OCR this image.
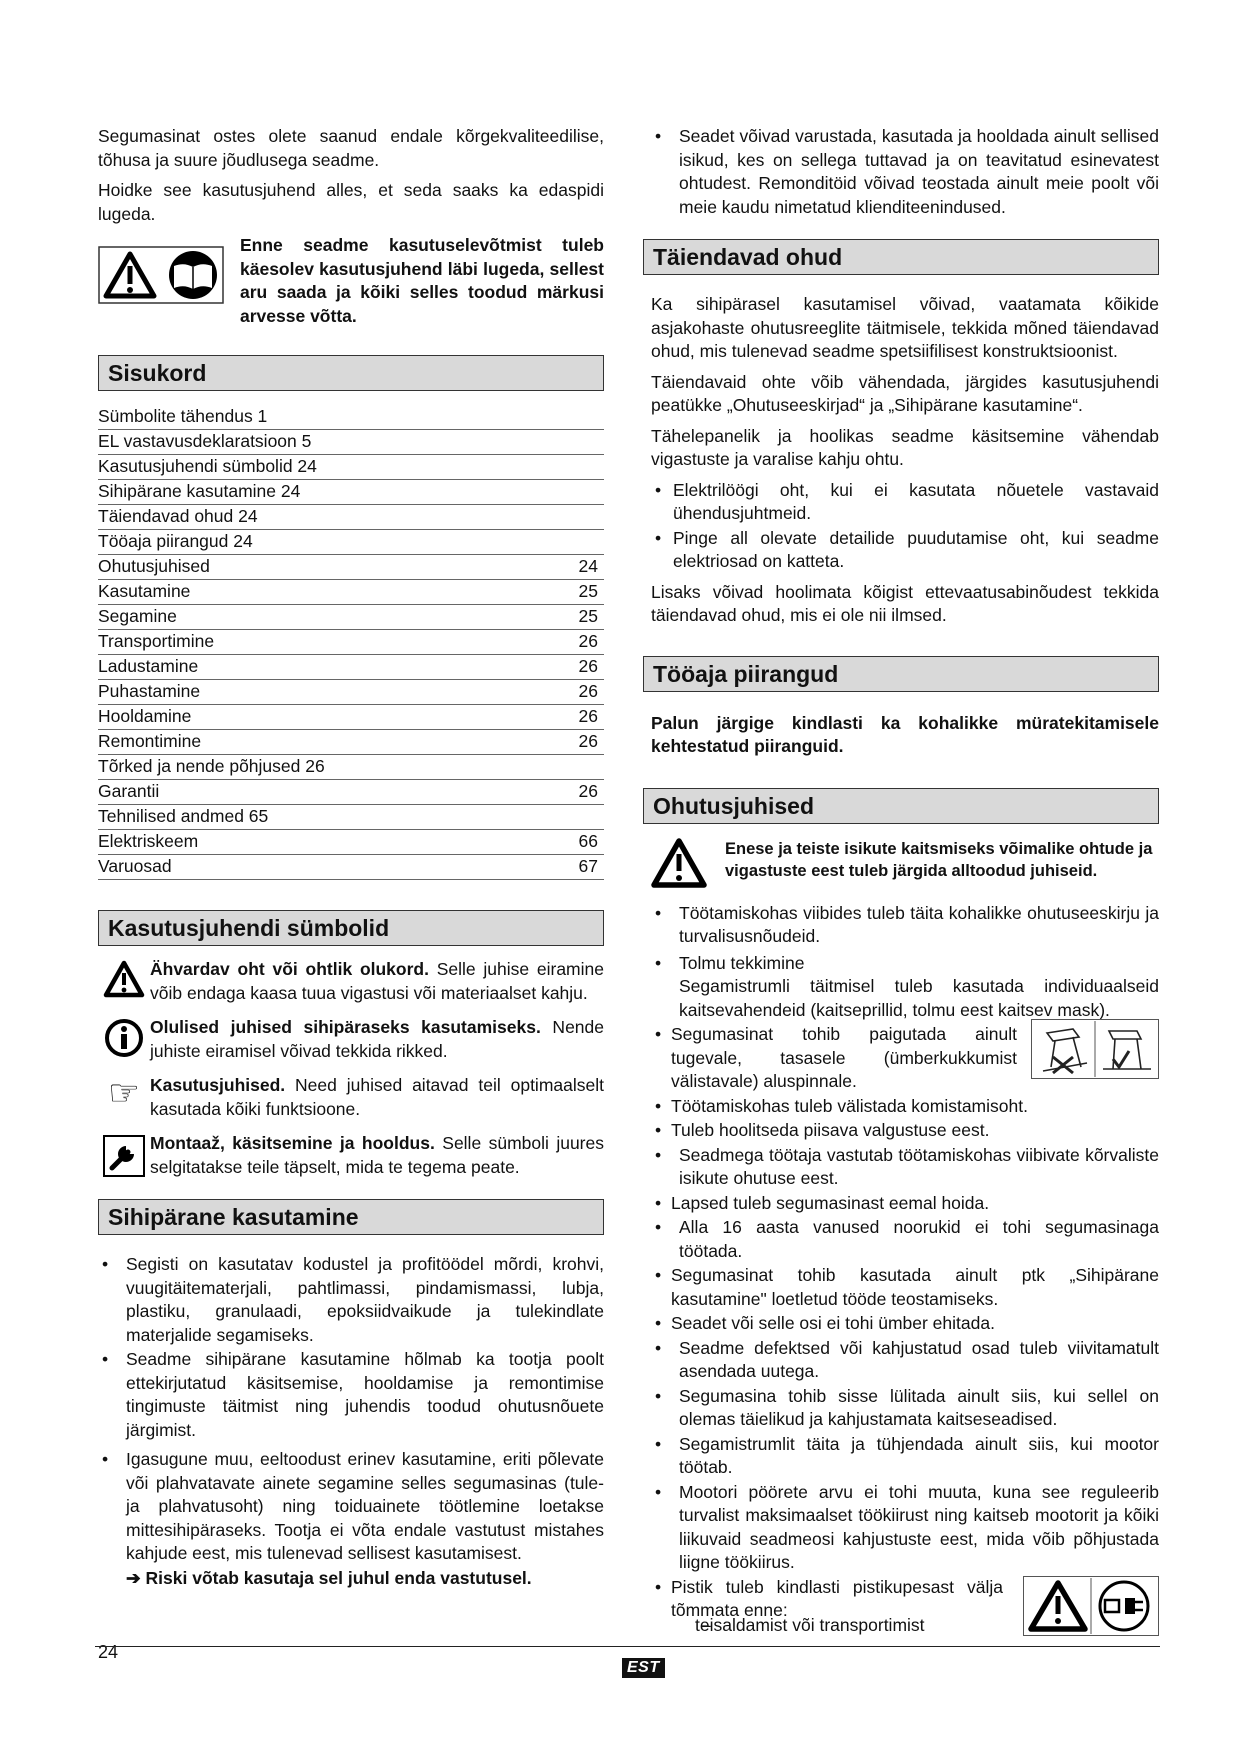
Segumasinat ostes olete saanud endale kõrgekvaliteedilise, tõhusa ja suure jõudlusega seadme.

Hoidke see kasutusjuhend alles, et seda saaks ka edaspidi lugeda.

Enne seadme kasutuselevõtmist tuleb käesolev kasutusjuhend läbi lugeda, sellest aru saada ja kõiki selles toodud märkusi arvesse võtta.

Sisukord
Sümbolite tähendus 1
EL vastavusdeklaratsioon 5
Kasutusjuhendi sümbolid 24
Sihipärane kasutamine 24
Täiendavad ohud 24
Tööaja piirangud 24
Ohutusjuhised	24
Kasutamine	25
Segamine	25
Transportimine	26
Ladustamine	26
Puhastamine	26
Hooldamine	26
Remontimine	26
Tõrked ja nende põhjused 26
Garantii	26
Tehnilised andmed 65
Elektriskeem	66
Varuosad	67
Kasutusjuhendi sümbolid
Ähvardav oht või ohtlik olukord. Selle juhise eiramine võib endaga kaasa tuua vigastusi või materiaalset kahju.
Olulised juhised sihipäraseks kasutamiseks. Nende juhiste eiramisel võivad tekkida rikked.
☞ Kasutusjuhised. Need juhised aitavad teil optimaalselt kasutada kõiki funktsioone.
Montaaž, käsitsemine ja hooldus. Selle sümboli juures selgitatakse teile täpselt, mida te tegema peate.
Sihipärane kasutamine
• Segisti on kasutatav kodustel ja profitöödel mõrdi, krohvi, vuugitäitematerjali, pahtlimassi, pindamismassi, lubja, plastiku, granulaadi, epoksiidvaikude ja tulekindlate materjalide segamiseks.
• Seadme sihipärane kasutamine hõlmab ka tootja poolt ettekirjutatud käsitsemise, hooldamise ja remontimise tingimuste täitmist ning juhendis toodud ohutusnõuete järgimist.
• Igasugune muu, eeltoodust erinev kasutamine, eriti põlevate või plahvatavate ainete segamine selles segumasinas (tule- ja plahvatusoht) ning toiduainete töötlemine loetakse mittesihipäraseks. Tootja ei võta endale vastutust mistahes kahjude eest, mis tulenevad sellisest kasutamisest.
➔ Riski võtab kasutaja sel juhul enda vastutusel.
• Seadet võivad varustada, kasutada ja hooldada ainult sellised isikud, kes on sellega tuttavad ja on teavitatud esinevatest ohtudest. Remonditöid võivad teostada ainult meie poolt või meie kaudu nimetatud klienditeenindused.
Täiendavad ohud

Ka sihipärasel kasutamisel võivad, vaatamata kõikide asjakohaste ohutusreeglite täitmisele, tekkida mõned täiendavad ohud, mis tulenevad seadme spetsiifilisest konstruktsioonist.

Täiendavaid ohte võib vähendada, järgides kasutusjuhendi peatükke „Ohutuseeskirjad“ ja „Sihipärane kasutamine“.

Tähelepanelik ja hoolikas seadme käsitsemine vähendab vigastuste ja varalise kahju ohtu.

• Elektrilöögi oht, kui ei kasutata nõuetele vastavaid ühendusjuhtmeid.
• Pinge all olevate detailide puudutamise oht, kui seadme elektriosad on katteta.

Lisaks võivad hoolimata kõigist ettevaatusabinõudest tekkida täiendavad ohud, mis ei ole nii ilmsed.

Tööaja piirangud

Palun järgige kindlasti ka kohalikke müratekitamisele kehtestatud piiranguid.

Ohutusjuhised

Enese ja teiste isikute kaitsmiseks võimalike ohtude ja vigastuste eest tuleb järgida alltoodud juhiseid.

• Töötamiskohas viibides tuleb täita kohalikke ohutuseeskirju ja turvalisusnõudeid.
• Tolmu tekkimine
Segamistrumli täitmisel tuleb kasutada individuaalseid kaitsevahendeid (kaitseprillid, tolmu eest kaitsev mask).
• Segumasinat tohib paigutada ainult tugevale, tasasele (ümberkukkumist välistavale) aluspinnale.
• Töötamiskohas tuleb välistada komistamisoht.
• Tuleb hoolitseda piisava valgustuse eest.
• Seadmega töötaja vastutab töötamiskohas viibivate kõrvaliste isikute ohutuse eest.
• Lapsed tuleb segumasinast eemal hoida.
• Alla 16 aasta vanused noorukid ei tohi segumasinaga töötada.
• Segumasinat tohib kasutada ainult ptk „Sihipärane kasutamine" loetletud tööde teostamiseks.
• Seadet või selle osi ei tohi ümber ehitada.
• Seadme defektsed või kahjustatud osad tuleb viivitamatult asendada uutega.
• Segumasina tohib sisse lülitada ainult siis, kui sellel on olemas täielikud ja kahjustamata kaitseseadised.
• Segamistrumlit täita ja tühjendada ainult siis, kui mootor töötab.
• Mootori pöörete arvu ei tohi muuta, kuna see reguleerib turvalist maksimaalset töökiirust ning kaitseb mootorit ja kõiki liikuvaid seadmeosi kahjustuste eest, mida võib põhjustada liigne töökiirus.
• Pistik tuleb kindlasti pistikupesast välja tõmmata enne:
– teisaldamist või transportimist
24
EST
